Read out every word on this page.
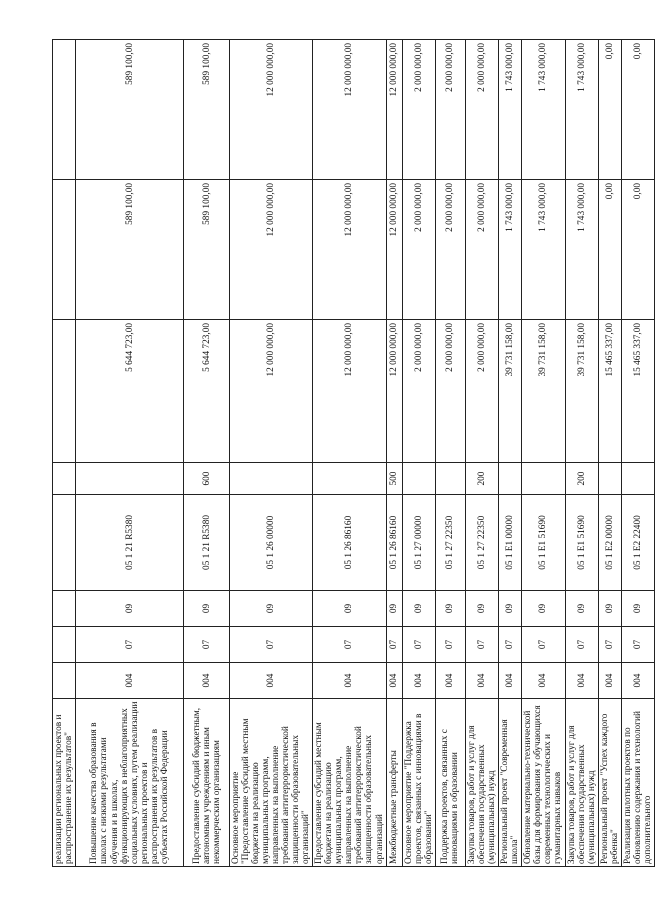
реализации региональных проектов и распространение их результатов"								
Повышение качества образования в школах с низкими результатами обучения и в школах, функционирующих в неблагоприятных социальных условиях, путем реализации региональных проектов и распространения их результатов в субъектах Российской Федерации	004	07	09	05 1 21 R5380		5 644 723,00	589 100,00	589 100,00
Предоставление субсидий бюджетным, автономным учреждениям и иным некоммерческим организациям	004	07	09	05 1 21 R5380	600	5 644 723,00	589 100,00	589 100,00
Основное мероприятие "Предоставление субсидий местным бюджетам на реализацию муниципальных программ, направленных на выполнение требований антитеррористической защищенности образовательных организаций"	004	07	09	05 1 26 00000		12 000 000,00	12 000 000,00	12 000 000,00
Предоставление субсидий местным бюджетам на реализацию муниципальных программ, направленных на выполнение требований антитеррористической защищенности образовательных организаций	004	07	09	05 1 26 86160		12 000 000,00	12 000 000,00	12 000 000,00
Межбюджетные трансферты	004	07	09	05 1 26 86160	500	12 000 000,00	12 000 000,00	12 000 000,00
Основное мероприятие "Поддержка проектов, связанных с инновациями в образовании"	004	07	09	05 1 27 00000		2 000 000,00	2 000 000,00	2 000 000,00
Поддержка проектов, связанных с инновациями в образовании	004	07	09	05 1 27 22350		2 000 000,00	2 000 000,00	2 000 000,00
Закупка товаров, работ и услуг для обеспечения государственных (муниципальных) нужд	004	07	09	05 1 27 22350	200	2 000 000,00	2 000 000,00	2 000 000,00
Региональный проект "Современная школа"	004	07	09	05 1 E1 00000		39 731 158,00	1 743 000,00	1 743 000,00
Обновление материально-технической базы для формирования у обучающихся современных технологических и гуманитарных навыков	004	07	09	05 1 E1 51690		39 731 158,00	1 743 000,00	1 743 000,00
Закупка товаров, работ и услуг для обеспечения государственных (муниципальных) нужд	004	07	09	05 1 E1 51690	200	39 731 158,00	1 743 000,00	1 743 000,00
Региональный проект "Успех каждого ребенка"	004	07	09	05 1 E2 00000		15 465 337,00	0,00	0,00
Реализация пилотных проектов по обновлению содержания и технологий дополнительного	004	07	09	05 1 E2 22400		15 465 337,00	0,00	0,00
